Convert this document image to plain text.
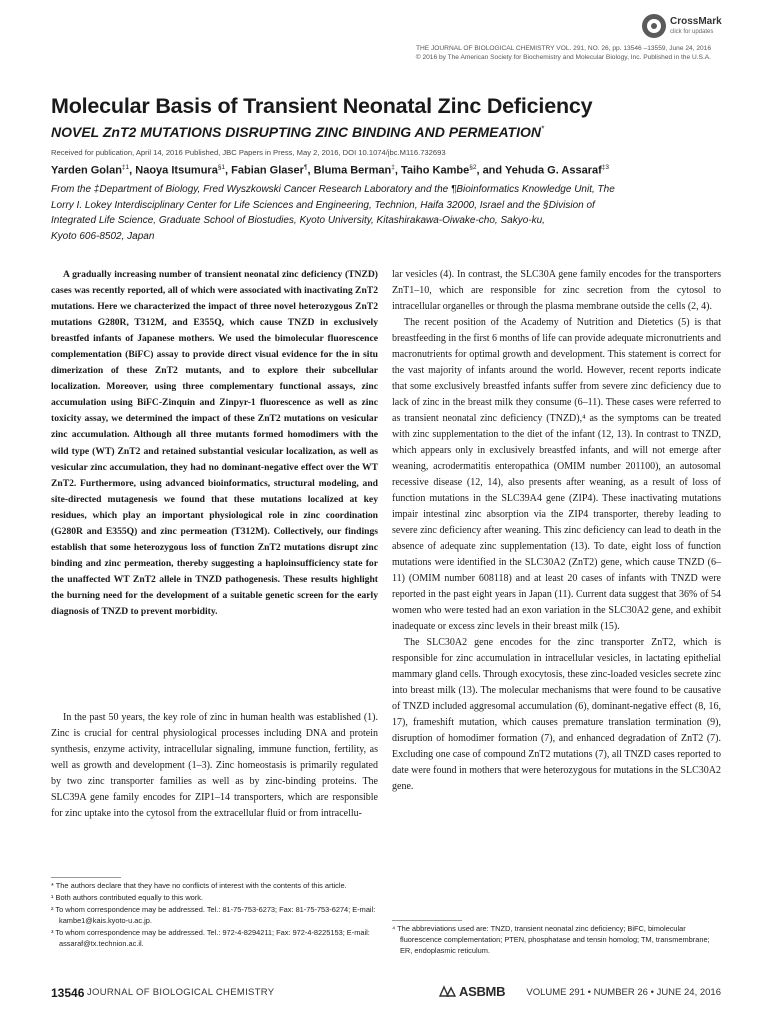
CrossMark
click for updates
THE JOURNAL OF BIOLOGICAL CHEMISTRY VOL. 291, NO. 26, pp. 13546 –13559, June 24, 2016
© 2016 by The American Society for Biochemistry and Molecular Biology, Inc. Published in the U.S.A.
Molecular Basis of Transient Neonatal Zinc Deficiency
NOVEL ZnT2 MUTATIONS DISRUPTING ZINC BINDING AND PERMEATION*
Received for publication, April 14, 2016 Published, JBC Papers in Press, May 2, 2016, DOI 10.1074/jbc.M116.732693
Yarden Golan$^{\ddagger 1}$, Naoya Itsumura$^{\S 1}$, Fabian Glaser¶, Bluma Berman‡, Taiho Kambe$^{\S 2}$, and Yehuda G. Assaraf$^{\ddagger 3}$

From the ‡Department of Biology, Fred Wyszkowski Cancer Research Laboratory and the ¶Bioinformatics Knowledge Unit, The

Lorry I. Lokey Interdisciplinary Center for Life Sciences and Engineering, Technion, Haifa 32000, Israel and the §Division of

Integrated Life Science, Graduate School of Biostudies, Kyoto University, Kitashirakawa-Oiwake-cho, Sakyo-ku,

Kyoto 606-8502, Japan

A gradually increasing number of transient neonatal zinc deficiency (TNZD) cases was recently reported, all of which were associated with inactivating ZnT2 mutations. Here we characterized the impact of three novel heterozygous ZnT2 mutations G280R, T312M, and E355Q, which cause TNZD in exclusively breastfed infants of Japanese mothers. We used the bimolecular fluorescence complementation (BiFC) assay to provide direct visual evidence for the in situ dimerization of these ZnT2 mutants, and to explore their subcellular localization. Moreover, using three complementary functional assays, zinc accumulation using BiFC-Zinquin and Zinpyr-1 fluorescence as well as zinc toxicity assay, we determined the impact of these ZnT2 mutations on vesicular zinc accumulation. Although all three mutants formed homodimers with the wild type (WT) ZnT2 and retained substantial vesicular localization, as well as vesicular zinc accumulation, they had no dominant-negative effect over the WT ZnT2. Furthermore, using advanced bioinformatics, structural modeling, and site-directed mutagenesis we found that these mutations localized at key residues, which play an important physiological role in zinc coordination (G280R and E355Q) and zinc permeation (T312M). Collectively, our findings establish that some heterozygous loss of function ZnT2 mutations disrupt zinc binding and zinc permeation, thereby suggesting a haploinsufficiency state for the unaffected WT ZnT2 allele in TNZD pathogenesis. These results highlight the burning need for the development of a suitable genetic screen for the early diagnosis of TNZD to prevent morbidity.

In the past 50 years, the key role of zinc in human health was established (1). Zinc is crucial for central physiological processes including DNA and protein synthesis, enzyme activity, intracellular signaling, immune function, fertility, as well as growth and development (1–3). Zinc homeostasis is primarily regulated by two zinc transporter families as well as by zinc-binding proteins. The SLC39A gene family encodes for ZIP1–14 transporters, which are responsible for zinc uptake into the cytosol from the extracellular fluid or from intracellu-

* The authors declare that they have no conflicts of interest with the contents of this article.

¹ Both authors contributed equally to this work.

² To whom correspondence may be addressed. Tel.: 81-75-753-6273; Fax: 81-75-753-6274; E-mail: kambe1@kais.kyoto-u.ac.jp.

³ To whom correspondence may be addressed. Tel.: 972-4-8294211; Fax: 972-4-8225153; E-mail: assaraf@tx.technion.ac.il.

lar vesicles (4). In contrast, the SLC30A gene family encodes for the transporters ZnT1–10, which are responsible for zinc secretion from the cytosol to intracellular organelles or through the plasma membrane outside the cells (2, 4).

The recent position of the Academy of Nutrition and Dietetics (5) is that breastfeeding in the first 6 months of life can provide adequate micronutrients and macronutrients for optimal growth and development. This statement is correct for the vast majority of infants around the world. However, recent reports indicate that some exclusively breastfed infants suffer from severe zinc deficiency due to lack of zinc in the breast milk they consume (6–11). These cases were referred to as transient neonatal zinc deficiency (TNZD),⁴ as the symptoms can be treated with zinc supplementation to the diet of the infant (12, 13). In contrast to TNZD, which appears only in exclusively breastfed infants, and will not emerge after weaning, acrodermatitis enteropathica (OMIM number 201100), an autosomal recessive disease (12, 14), also presents after weaning, as a result of loss of function mutations in the SLC39A4 gene (ZIP4). These inactivating mutations impair intestinal zinc absorption via the ZIP4 transporter, thereby leading to severe zinc deficiency after weaning. This zinc deficiency can lead to death in the absence of adequate zinc supplementation (13). To date, eight loss of function mutations were identified in the SLC30A2 (ZnT2) gene, which cause TNZD (6–11) (OMIM number 608118) and at least 20 cases of infants with TNZD were reported in the past eight years in Japan (11). Current data suggest that 36% of 54 women who were tested had an exon variation in the SLC30A2 gene, and exhibit inadequate or excess zinc levels in their breast milk (15).

The SLC30A2 gene encodes for the zinc transporter ZnT2, which is responsible for zinc accumulation in intracellular vesicles, in lactating epithelial mammary gland cells. Through exocytosis, these zinc-loaded vesicles secrete zinc into breast milk (13). The molecular mechanisms that were found to be causative of TNZD included aggresomal accumulation (6), dominant-negative effect (8, 16, 17), frameshift mutation, which causes premature translation termination (9), disruption of homodimer formation (7), and enhanced degradation of ZnT2 (7). Excluding one case of compound ZnT2 mutations (7), all TNZD cases reported to date were found in mothers that were heterozygous for mutations in the SLC30A2 gene.

⁴ The abbreviations used are: TNZD, transient neonatal zinc deficiency; BiFC, bimolecular fluorescence complementation; PTEN, phosphatase and tensin homolog; TM, transmembrane; ER, endoplasmic reticulum.

13546 JOURNAL OF BIOLOGICAL CHEMISTRY	ASBMB VOLUME 291 • NUMBER 26 • JUNE 24, 2016
